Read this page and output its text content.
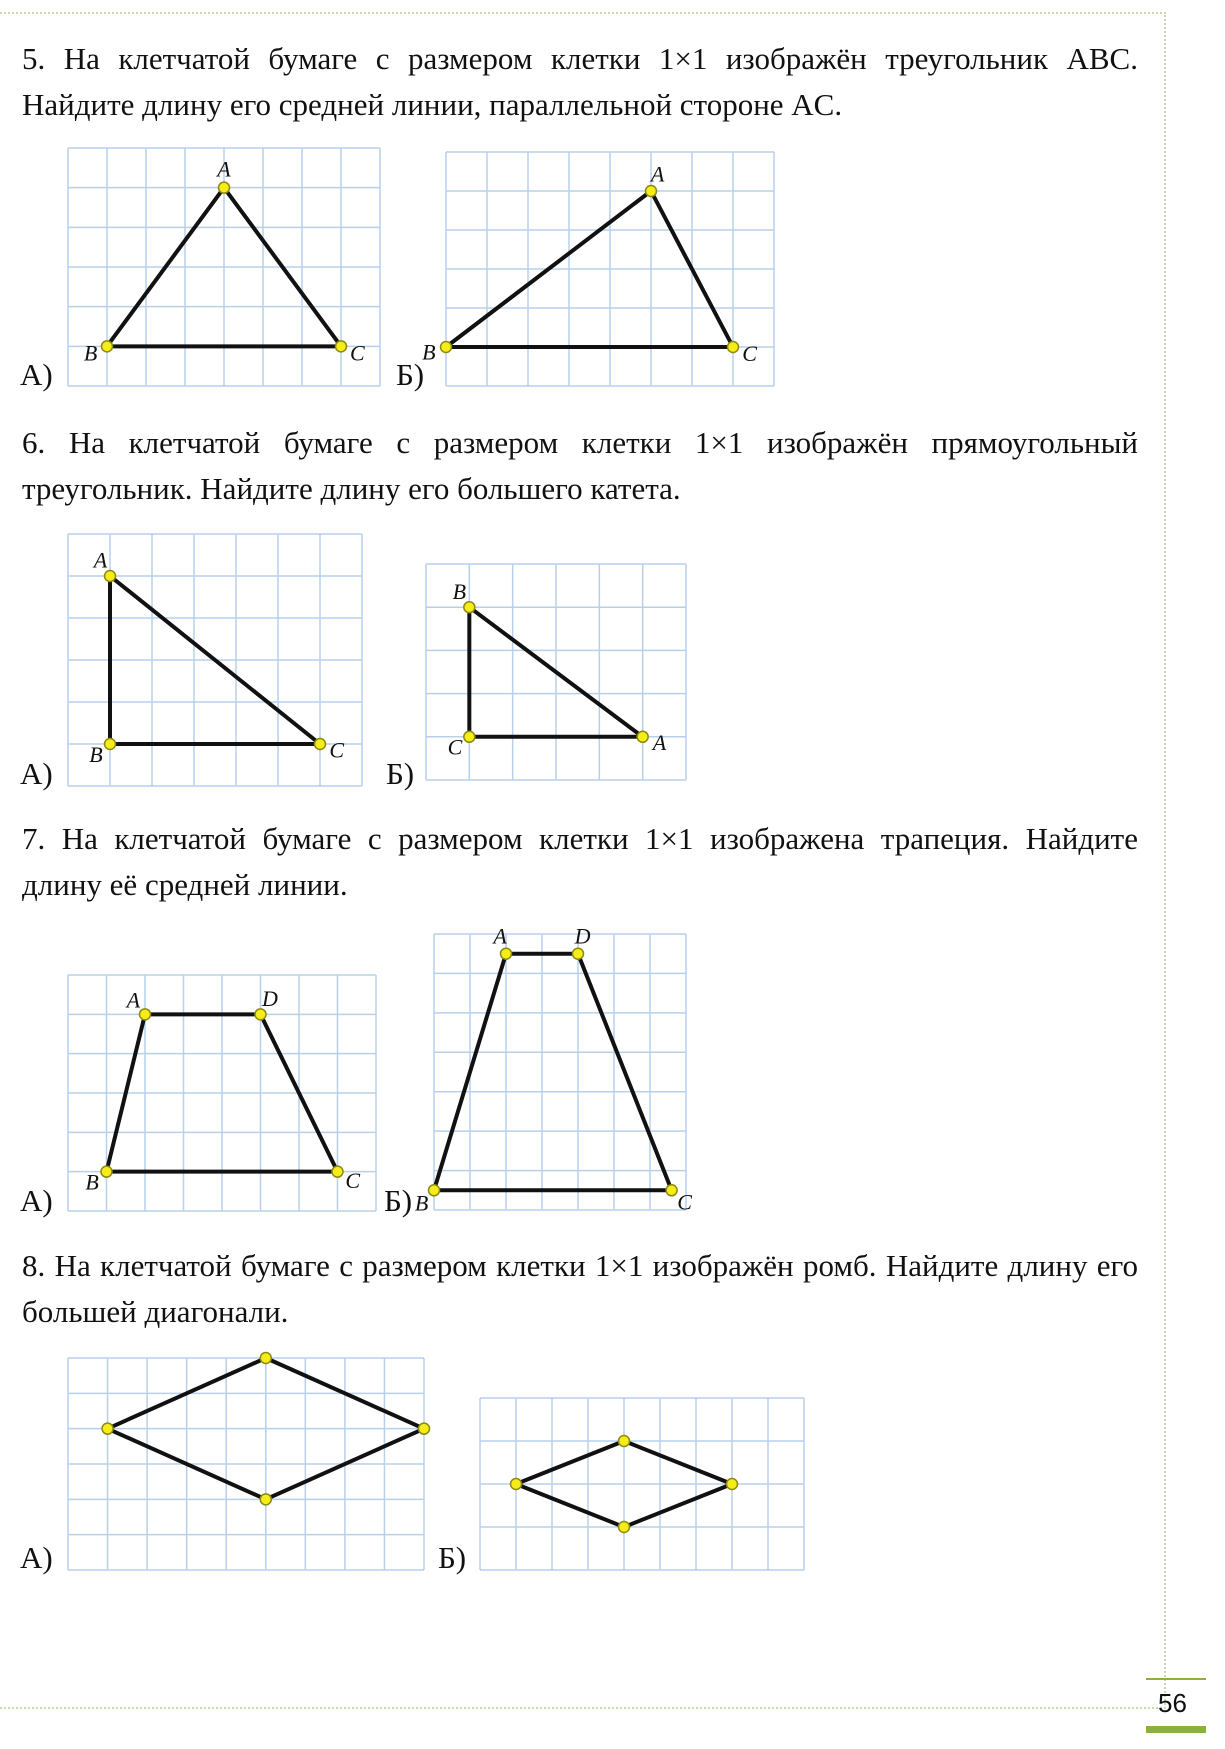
5. На клетчатой бумаге с размером клетки 1×1 изображён треугольник ABC. Найдите длину его средней линии, параллельной стороне AC.

А)
A
B	C
Б)
A
B	C

6. На клетчатой бумаге с размером клетки 1×1 изображён прямоугольный треугольник. Найдите длину его большего катета.

А)
A
B	C
Б)
B
C	A

7. На клетчатой бумаге с размером клетки 1×1 изображена трапеция. Найдите длину её средней линии.

А)
A	D
C
B
Б)
A	D
C
B

8. На клетчатой бумаге с размером клетки 1×1 изображён ромб. Найдите длину его большей диагонали.

А)	Б)
56
